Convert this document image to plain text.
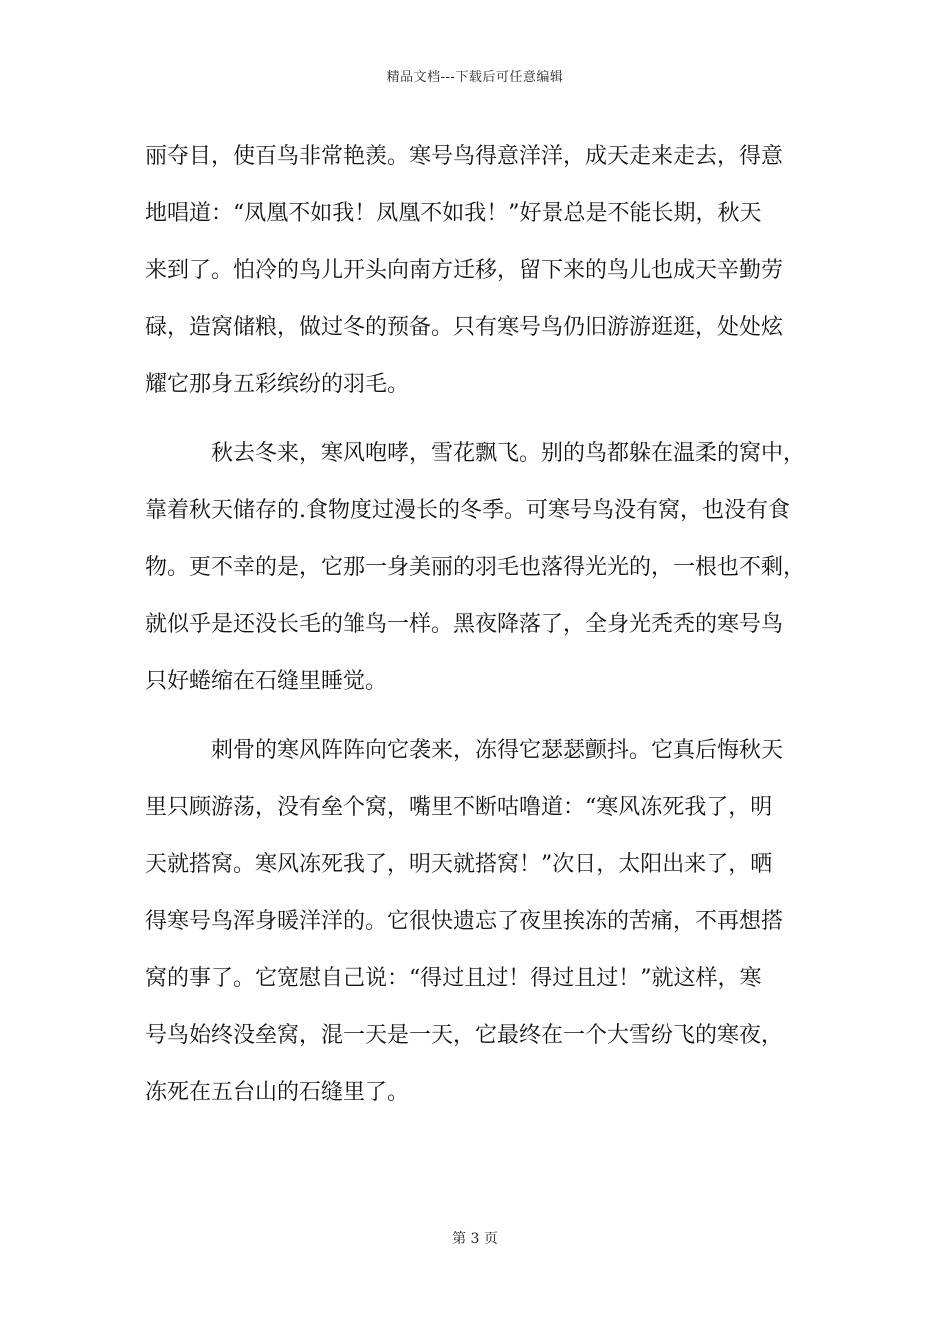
精品文档---下载后可任意编辑
丽夺目，使百鸟非常艳羡。寒号鸟得意洋洋，成天走来走去，得意
地唱道：“凤凰不如我！凤凰不如我！”好景总是不能长期，秋天
来到了。怕冷的鸟儿开头向南方迁移，留下来的鸟儿也成天辛勤劳
碌，造窝储粮，做过冬的预备。只有寒号鸟仍旧游游逛逛，处处炫
耀它那身五彩缤纷的羽毛。
秋去冬来，寒风咆哮，雪花飘飞。别的鸟都躲在温柔的窝中，
靠着秋天储存的.食物度过漫长的冬季。可寒号鸟没有窝，也没有食
物。更不幸的是，它那一身美丽的羽毛也落得光光的，一根也不剩，
就似乎是还没长毛的雏鸟一样。黑夜降落了，全身光秃秃的寒号鸟
只好蜷缩在石缝里睡觉。
刺骨的寒风阵阵向它袭来，冻得它瑟瑟颤抖。它真后悔秋天
里只顾游荡，没有垒个窝，嘴里不断咕噜道：“寒风冻死我了，明
天就搭窝。寒风冻死我了，明天就搭窝！”次日，太阳出来了，晒
得寒号鸟浑身暖洋洋的。它很快遗忘了夜里挨冻的苦痛，不再想搭
窝的事了。它宽慰自己说：“得过且过！得过且过！”就这样，寒
号鸟始终没垒窝，混一天是一天，它最终在一个大雪纷飞的寒夜，
冻死在五台山的石缝里了。
第 3 页
